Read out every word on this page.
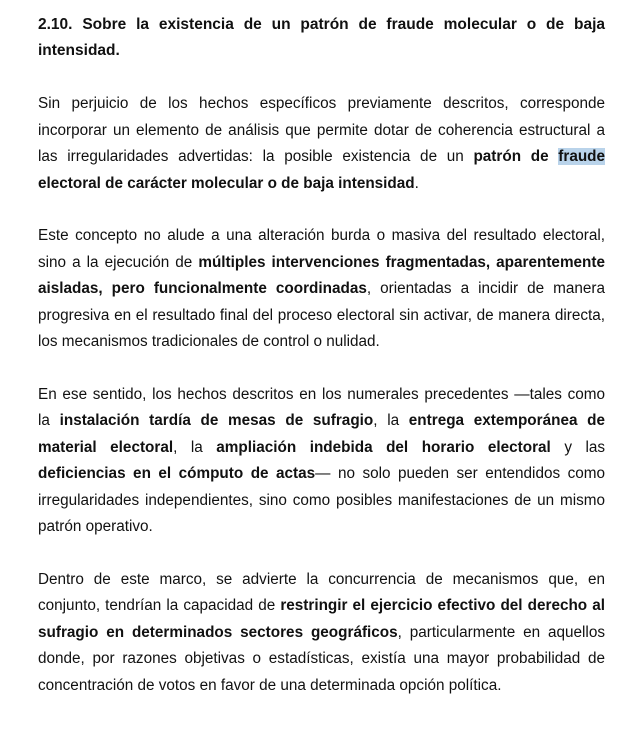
2.10. Sobre la existencia de un patrón de fraude molecular o de baja intensidad.

Sin perjuicio de los hechos específicos previamente descritos, corresponde incorporar un elemento de análisis que permite dotar de coherencia estructural a las irregularidades advertidas: la posible existencia de un patrón de fraude electoral de carácter molecular o de baja intensidad.

Este concepto no alude a una alteración burda o masiva del resultado electoral, sino a la ejecución de múltiples intervenciones fragmentadas, aparentemente aisladas, pero funcionalmente coordinadas, orientadas a incidir de manera progresiva en el resultado final del proceso electoral sin activar, de manera directa, los mecanismos tradicionales de control o nulidad.

En ese sentido, los hechos descritos en los numerales precedentes —tales como la instalación tardía de mesas de sufragio, la entrega extemporánea de material electoral, la ampliación indebida del horario electoral y las deficiencias en el cómputo de actas— no solo pueden ser entendidos como irregularidades independientes, sino como posibles manifestaciones de un mismo patrón operativo.

Dentro de este marco, se advierte la concurrencia de mecanismos que, en conjunto, tendrían la capacidad de restringir el ejercicio efectivo del derecho al sufragio en determinados sectores geográficos, particularmente en aquellos donde, por razones objetivas o estadísticas, existía una mayor probabilidad de concentración de votos en favor de una determinada opción política.
